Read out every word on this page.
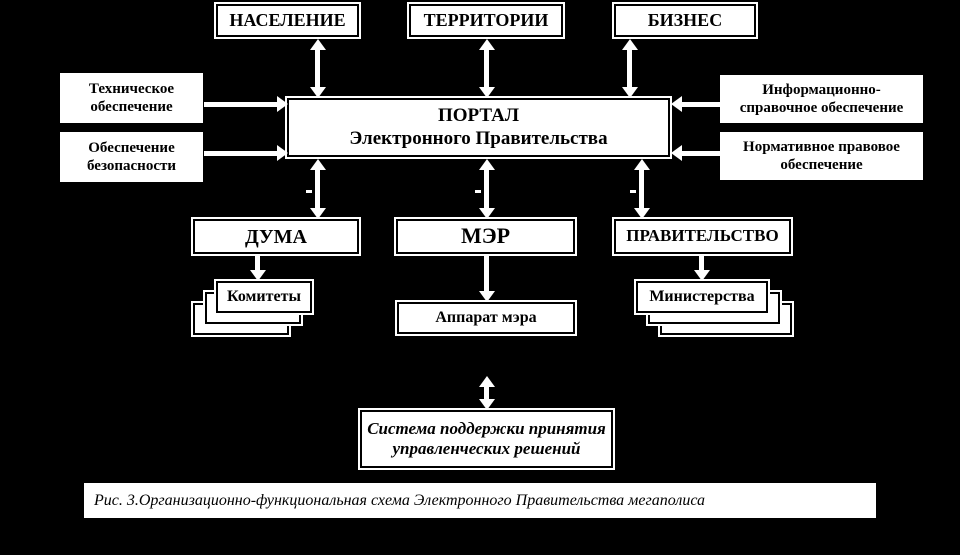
НАСЕЛЕНИЕ	ТЕРРИТОРИИ	БИЗНЕС
Техническое
обеспечение
Обеспечение
безопасности
Информационно-
справочное обеспечение
Нормативное правовое
обеспечение
ПОРТАЛ
Электронного Правительства
ДУМА	МЭР	ПРАВИТЕЛЬСТВО
Комитеты
Аппарат мэра
Министерства
Система поддержки принятия
управленческих решений
Рис. 3.Организационно-функциональная схема Электронного Правительства мегаполиса
